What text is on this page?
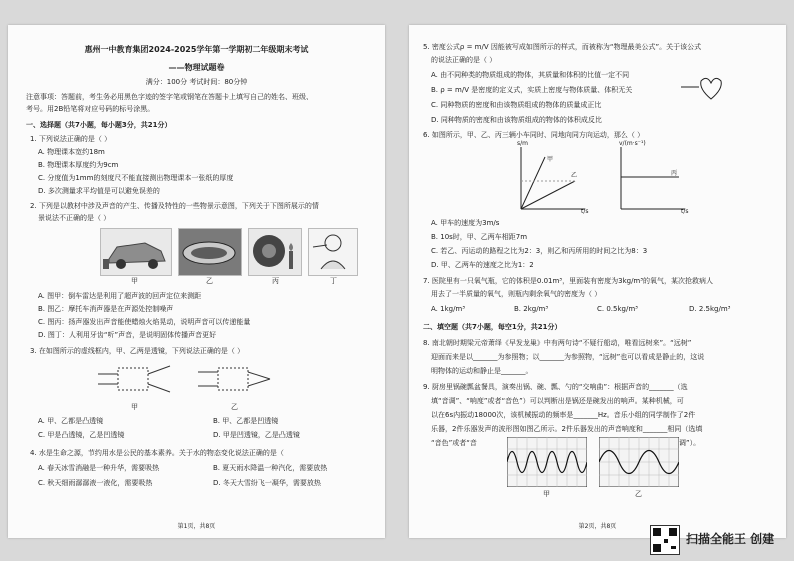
惠州一中教育集团2024-2025学年第一学期初二年级期末考试
——物理试题卷
满分：100分 考试时间：80分钟
注意事项：答题前，考生务必用黑色字迹的签字笔或钢笔在答题卡上填写自己的姓名、班级、
考号。用2B铅笔将对应号码的标号涂黑。
一、选择题（共7小题，每小题3分，共21分）
1. 下列说法正确的是（ ）
A. 物理课本宽约18m
B. 物理课本厚度约为9cm
C. 分度值为1mm的刻度尺不能直接测出物理课本一张纸的厚度
D. 多次测量求平均值是可以避免误差的
2. 下列是以教材中涉及声音的产生、传播及特性的一些物景示意图，下列关于下图所展示的情
景说法不正确的是（ ）
甲	乙	丙	丁
A. 图甲：倒车雷达是利用了超声波的回声定位来测距
B. 图乙：摩托车消声器是在声源处控制噪声
C. 图丙：扬声器发出声音能使蜡烛火焰晃动，说明声音可以传递能量
D. 图丁：人利用牙齿“听”声音，是说明固体传播声音更好
3. 在如图所示的虚线框内，甲、乙两是透镜，下列说法正确的是（ ）
甲	乙
A. 甲、乙都是凸透镜	B. 甲、乙都是凹透镜
C. 甲是凸透镜，乙是凹透镜	D. 甲是凹透镜，乙是凸透镜
4. 水是生命之源，节约用水是公民的基本素养。关于水的物态变化说法正确的是（
A. 春天冰雪消融是一种升华，需要吸热	B. 夏天雨水降温一种汽化，需要放热
C. 秋天细雨潺潺液一液化，需要吸热	D. 冬天大雪纷飞一凝华，需要放热
第1页，共8页
5. 密度公式ρ = m/V 因能被写成如图所示的样式，而被称为“物理最美公式”。关于该公式
的说法正确的是（ ）
A. 由不同种类的物质组成的物体，其质量和体积的比值一定不同
B. ρ = m/V 是密度的定义式，实质上密度与物体质量、体积无关
C. 同种物质的密度和由该物质组成的物体的质量成正比
D. 同种物质的密度和由该物质组成的物体的体积成反比
6. 如图所示，甲、乙、丙三辆小车同时、同地向同方向运动，那么（ ）
s/m
t/s
甲
乙
v/(m·s⁻¹)
t/s
丙
A. 甲车的速度为3m/s
B. 10s时，甲、乙两车相距7m
C. 若乙、丙运动的路程之比为2：3，则乙和丙所用的时间之比为8：3
D. 甲、乙两车的速度之比为1：2
7. 医院里有一只氧气瓶，它的体积是0.01m³，里面装有密度为3kg/m³的氧气，某次抢救病人
用去了一半质量的氧气，则瓶内剩余氧气的密度为（ ）
A. 1kg/m³	B. 2kg/m³	C. 0.5kg/m³	D. 2.5kg/m³
二、填空题（共7小题，每空1分，共21分）
8. 南北朝时期梁元帝萧绎《早发龙巢》中有两句诗“不疑行船动，唯看远树来”。“远树”
迎面而来是以_______为参照物；以_______为参照物，“远树”也可以看成是静止的，这说
明物体的运动和静止是_______。
9. 厨房里锅碗瓢盆餐具，演奏出锅、碗、瓢、勺的“交响曲”：根据声音的_______（选
填“音调”、“响度”或者“音色”）可以判断出是锅还是碗发出的响声。某种机械，可
以在6s内振动18000次，该机械振动的频率是_______Hz。音乐小组的同学制作了2件
乐器，2件乐器发声的波形图如图乙所示。2件乐器发出的声音响度和_______相同（选填
“音色”或者“音	调”）。
甲	乙
第2页，共8页
扫描全能王 创建
